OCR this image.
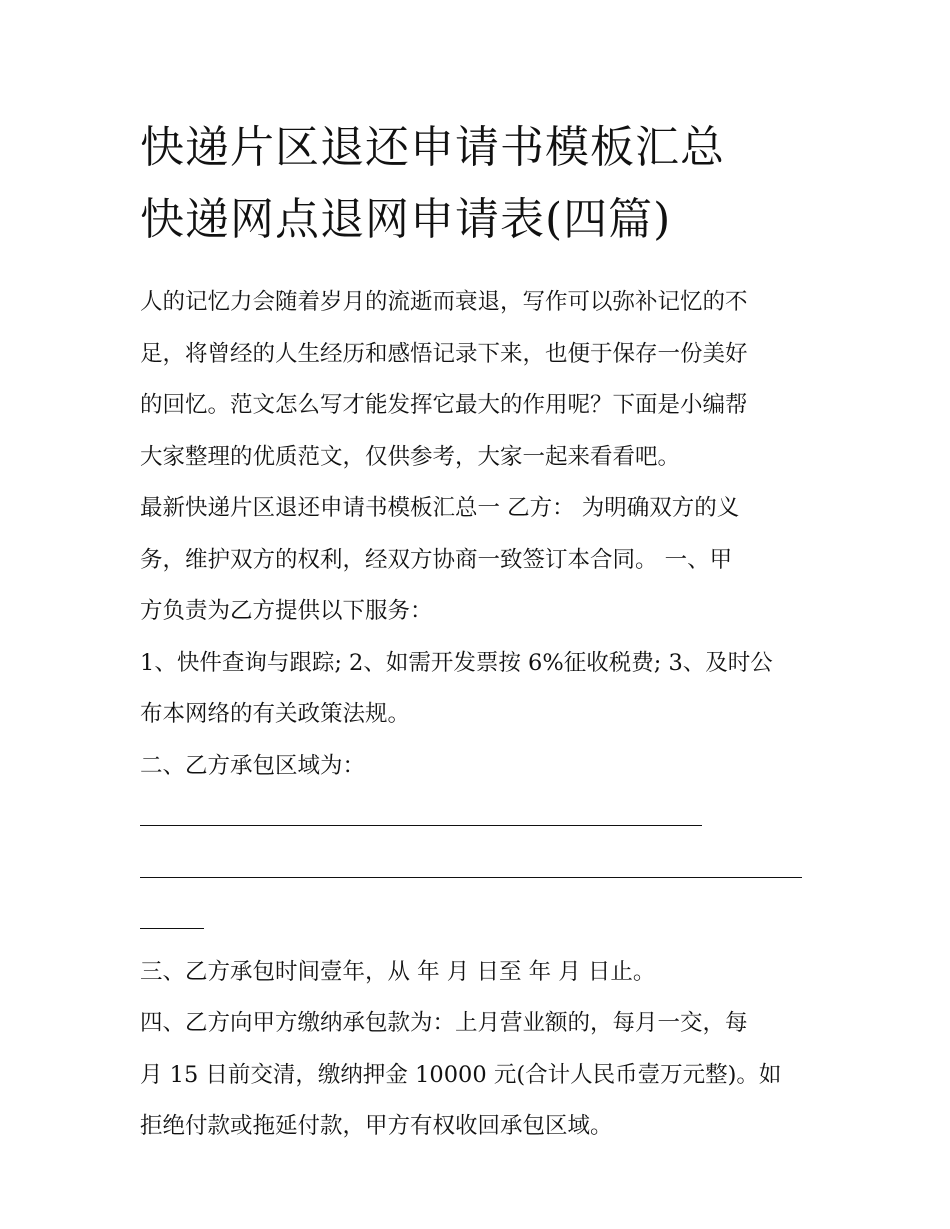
快递片区退还申请书模板汇总
快递网点退网申请表(四篇)

人的记忆力会随着岁月的流逝而衰退，写作可以弥补记忆的不
足，将曾经的人生经历和感悟记录下来，也便于保存一份美好
的回忆。范文怎么写才能发挥它最大的作用呢？下面是小编帮
大家整理的优质范文，仅供参考，大家一起来看看吧。

最新快递片区退还申请书模板汇总一 乙方： 为明确双方的义
务，维护双方的权利，经双方协商一致签订本合同。 一、甲
方负责为乙方提供以下服务：

1、快件查询与跟踪; 2、如需开发票按 6%征收税费; 3、及时公
布本网络的有关政策法规。

二、乙方承包区域为：

三、乙方承包时间壹年，从 年 月 日至 年 月 日止。

四、乙方向甲方缴纳承包款为：上月营业额的，每月一交，每
月 15 日前交清，缴纳押金 10000 元(合计人民币壹万元整)。如
拒绝付款或拖延付款，甲方有权收回承包区域。
